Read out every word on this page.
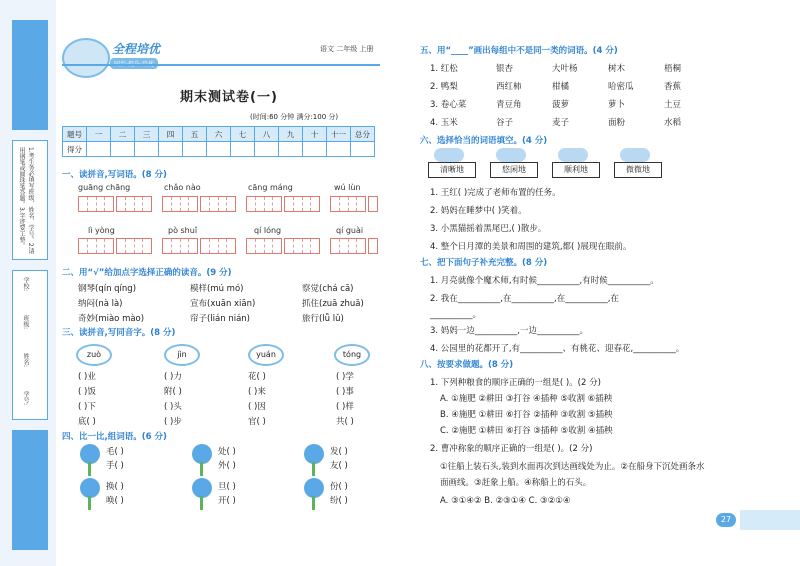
1.考生务必填写班级、姓名、学号。2.请用钢笔或圆珠笔答题。3.字迹要工整。
学校:
班级:
姓名:
学号:
全程培优
同步·提升·培优
语文 二年级 上册
期末测试卷(一)
(时间:60 分钟 满分:100 分)
题号	一	二	三	四	五	六	七	八	九	十	十一	总分
得分												
一、读拼音,写词语。(8 分)
guāng chāng	chǎo nào	cāng máng	wú lùn
lì yòng	pò shuǐ	qí lóng	qí guài
二、用“√”给加点字选择正确的读音。(9 分)
钢琴(qín qíng)	模样(mú mó)	察觉(chá cā)
纳闷(nà là)	宣布(xuān xiān)	抓住(zuā zhuā)
奇妙(miào mào)	帘子(lián nián)	旅行(lǚ lǔ)
三、读拼音,写同音字。(8 分)
zuò	jìn	yuán	tóng
( )业	( )力	花( )	( )学
( )饭	附( )	( )来	( )事
( )下	( )头	( )因	( )样
底( )	( )步	官( )	共( )
四、比一比,组词语。(6 分)
毛( )	处( )	发( )
手( )	外( )	友( )
换( )	旦( )	份( )
唤( )	开( )	纷( )
五、用“____”画出每组中不是同一类的词语。(4 分)
1. 红松	银杏	大叶杨	树木	梧桐
2. 鸭梨	西红柿	柑橘	哈密瓜	香蕉
3. 卷心菜	青豆角	菠萝	萝卜	土豆
4. 玉米	谷子	麦子	面粉	水稻
六、选择恰当的词语填空。(4 分)
清晰地	悠闲地	顺利地	微微地
1. 王红( )完成了老师布置的任务。
2. 妈妈在睡梦中( )笑着。
3. 小黑猫摇着黑尾巴,( )散步。
4. 整个日月潭的美景和周围的建筑,都( )展现在眼前。
七、把下面句子补充完整。(8 分)
1. 月亮就像个魔术师,有时候__________,有时候__________。
2. 我在__________,在__________,在__________,在
__________。
3. 妈妈一边__________,一边__________。
4. 公园里的花都开了,有__________、有桃花、迎春花,__________。
八、按要求做题。(8 分)
1. 下列种粮食的顺序正确的一组是( )。(2 分)
A. ①施肥 ②耕田 ③打谷 ④插种 ⑤收割 ⑥插秧
B. ④施肥 ①耕田 ⑥打谷 ②插种 ③收割 ⑤插秧
C. ②施肥 ①耕田 ⑥打谷 ③插种 ⑤收割 ④插秧
2. 曹冲称象的顺序正确的一组是( )。(2 分)
①往船上装石头,装到水面再次到达画线处为止。②在船身下沉处画条水
面画线。③赶象上船。④称船上的石头。
A. ③①④② B. ②③①④ C. ③②①④
27
